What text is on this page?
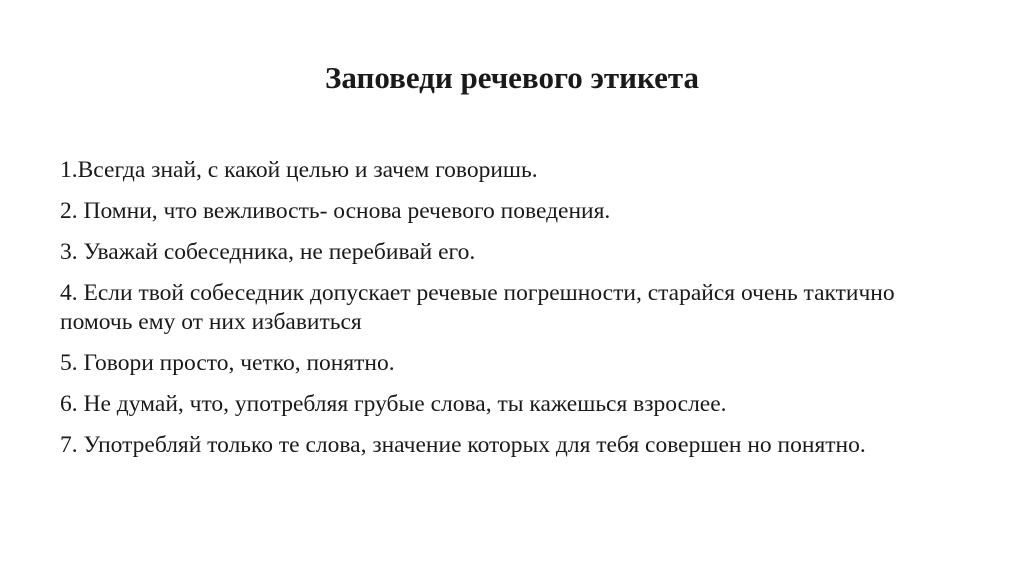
Заповеди речевого этикета
1.Всегда знай, с какой целью и зачем говоришь.
2. Помни, что вежливость- основа речевого поведения.
3. Уважай собеседника, не перебивай его.
4. Если твой собеседник допускает речевые погрешности, старайся очень тактично помочь ему от них избавиться
5. Говори просто, четко, понятно.
6. Не думай, что, употребляя грубые слова, ты кажешься взрослее.
7. Употребляй только те слова, значение которых для тебя совершен но понятно.
